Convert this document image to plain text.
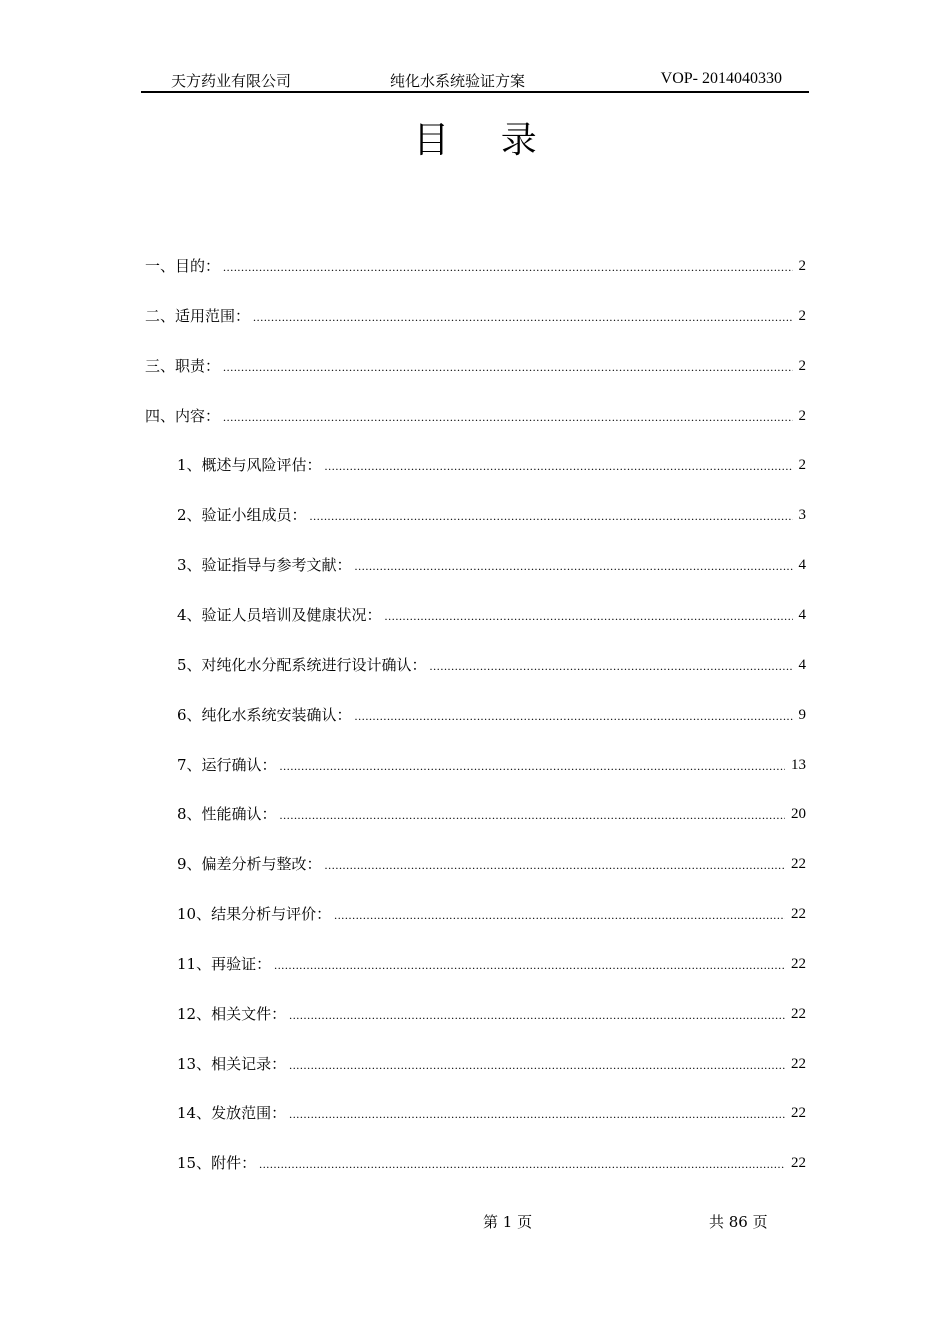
天方药业有限公司	纯化水系统验证方案	VOP- 2014040330
目 录
一、目的： .....	2
二、适用范围： .....	2
三、职责： .....	2
四、内容： .....	2
1、概述与风险评估： .....	2
2、验证小组成员： .....	3
3、验证指导与参考文献： .....	4
4、验证人员培训及健康状况： .....	4
5、对纯化水分配系统进行设计确认： .....	4
6、纯化水系统安装确认： .....	9
7、运行确认： .....	13
8、性能确认： .....	20
9、偏差分析与整改： .....	22
10、结果分析与评价： .....	22
11、再验证： .....	22
12、相关文件： .....	22
13、相关记录： .....	22
14、发放范围： .....	22
15、附件： .....	22
第 1 页	共 86 页
